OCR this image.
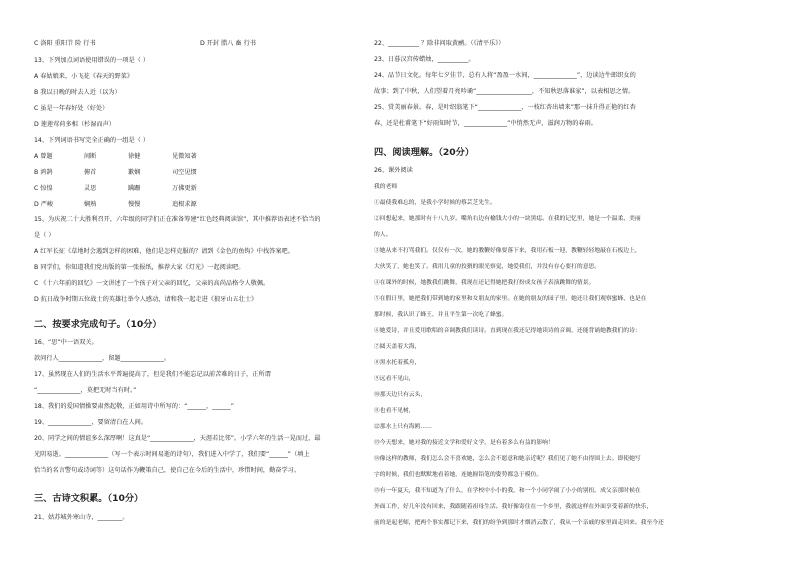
C 洛阳 重阳节 险 行书	D 开封 腊八 畜 行书
13、下列加点词语使用错误的一项是（ ）
A 春姑娘来，小飞花《春天的野菜》
B 我以日晚的时去人近（以为）
C 虽是一年春好处（好处）
D 莲莲莺荷多相（杉湿而声）
14、下列词语书写完全正确的一组是（ ）
A 曾题	间断	徐健	见微知著
B 鸿鹄	俯首	歉娴	司空见惯
C 惊惶	灵思	蹒跚	万佛更新
D 严峻	娴熟	慢慢	追根求源
15、为庆祝二十大胜利召开，六年级的同学们正在准备筹建“红色经典阅读馆”，其中推荐语表述不恰当的
是（ ）
A 红军长征《草地时会遇到怎样的困难，他们是怎样克服的？请到《金色的鱼钩》中找答案吧。
B 同学们，你知道我们党出版的第一张报纸，推荐大家《灯光》一起阅读吧。
C 《十六年前的回忆》一文讲述了一个孩子对父亲的回忆，父亲的高尚品格令人敬佩。
D 抗日战争时期五位战士的英雄壮举令人感动，请和我一起走进《狼牙山五壮士》
二、按要求完成句子。（10分）
16、“思”中一语双关。
款问行人______________，留题______________。
17、虽然现在人们的生活水平普遍提高了，但是我们不能忘记以前苦难的日子，正所谓
“______________，莫把无时当有时。”
18、我们的爱国情操要肃然起敬，正如用诗中所写的：“______，______”
19、______________，要留清白在人间。
20、同学之间的情谊多么深厚啊！这真是“______________，天涯若比邻”。小学六年的生活一晃而过，最
光阴易逝。______________（写一个表示时间易逝的诗句），我们进入中学了，我们要“______”（填上
恰当的名言警句或诗词等）这句话作为鞭策自己，使自己在今后的生活中，珍惜时间，勤奋学习。
三、古诗文积累。（10分）
21、姑苏城外寒山寺，________。
22、__________ ？除非问取黄鹂。（《清平乐》）
23、日暮汉宫传蜡烛，__________。
24、品节日文化。每年七夕佳节，总有人将“盈盈一水间，______________”，边读边牛郎织女的
故事；到了中秋，人们望着月亮吟诵“__________________，不知秋思落谁家”，以表相思之情。
25、赏美丽春景。春，是叶绍翁笔下“______________，一枝红杏出墙来”那一抹升得正艳的红杏
春，还是杜甫笔下“好雨知时节，______________”中悄然无声、滋润万物的春雨。
四、阅读理解。（20分）
26、课外阅读
我的老师
①最使我难忘的，是我小学时候的蔡芸芝先生。
②回想起来，她那时有十八九岁。嘴角右边有榆钱大小的一块黑痣。在我的记忆里，她是一个温柔、美丽
的人。
③她从来不打骂我们。仅仅有一次，她的教鞭好像要落下来，我用石板一迎，教鞭轻轻地敲在石板边上，
大伙笑了，她也笑了。我用儿童的狡猾的眼光察觉，她爱我们，并没有存心要打的意思。
④在课外的时候，她教我们跳舞，我现在还记得她把我打扮成女孩子表演跳舞的情景。
⑤在假日里，她把我们带到她的家里和女朋友的家里。在她的朋友的园子里，她还让我们观察蜜蜂，也是在
那时候，我认识了蜂王，并且平生第一次吃了蜂蜜。
⑥她爱诗，并且爱用歌唱的音调教我们读诗。直到现在我还记得她读诗的音调，还能背诵她教我们的诗：
⑦圆天盖着大海，
⑧黑水托着孤舟，
⑨远看不见山，
⑩那天边只有云头，
⑪也看不见树，
⑫那水上只有海鸥……
⑬今天想来，她对我的接近文学和爱好文学，是有着多么有益的影响！
⑭像这样的教师，我们怎么会不喜欢她，怎么会不愿意和她亲近呢？我们见了她不由得围上去。即使她写
字的时候，我们也默默地看着她，连她握铅笔的姿势都急于模仿。
⑮有一年夏天，我不知道为了什么，在学校中小小的我，和一个小同学闹了小小的别扭。成父亲那时候在
外面工作，好几年没有回来，我跟随着祖母生活。我好像寄住在一个乡里，我就这样在外面享受着新的快乐，
前的是起老师，把两个事实都记下来，我们的纷争到那时才烟消云散了，我从一个亲戚的家里面走回来。我至今还
